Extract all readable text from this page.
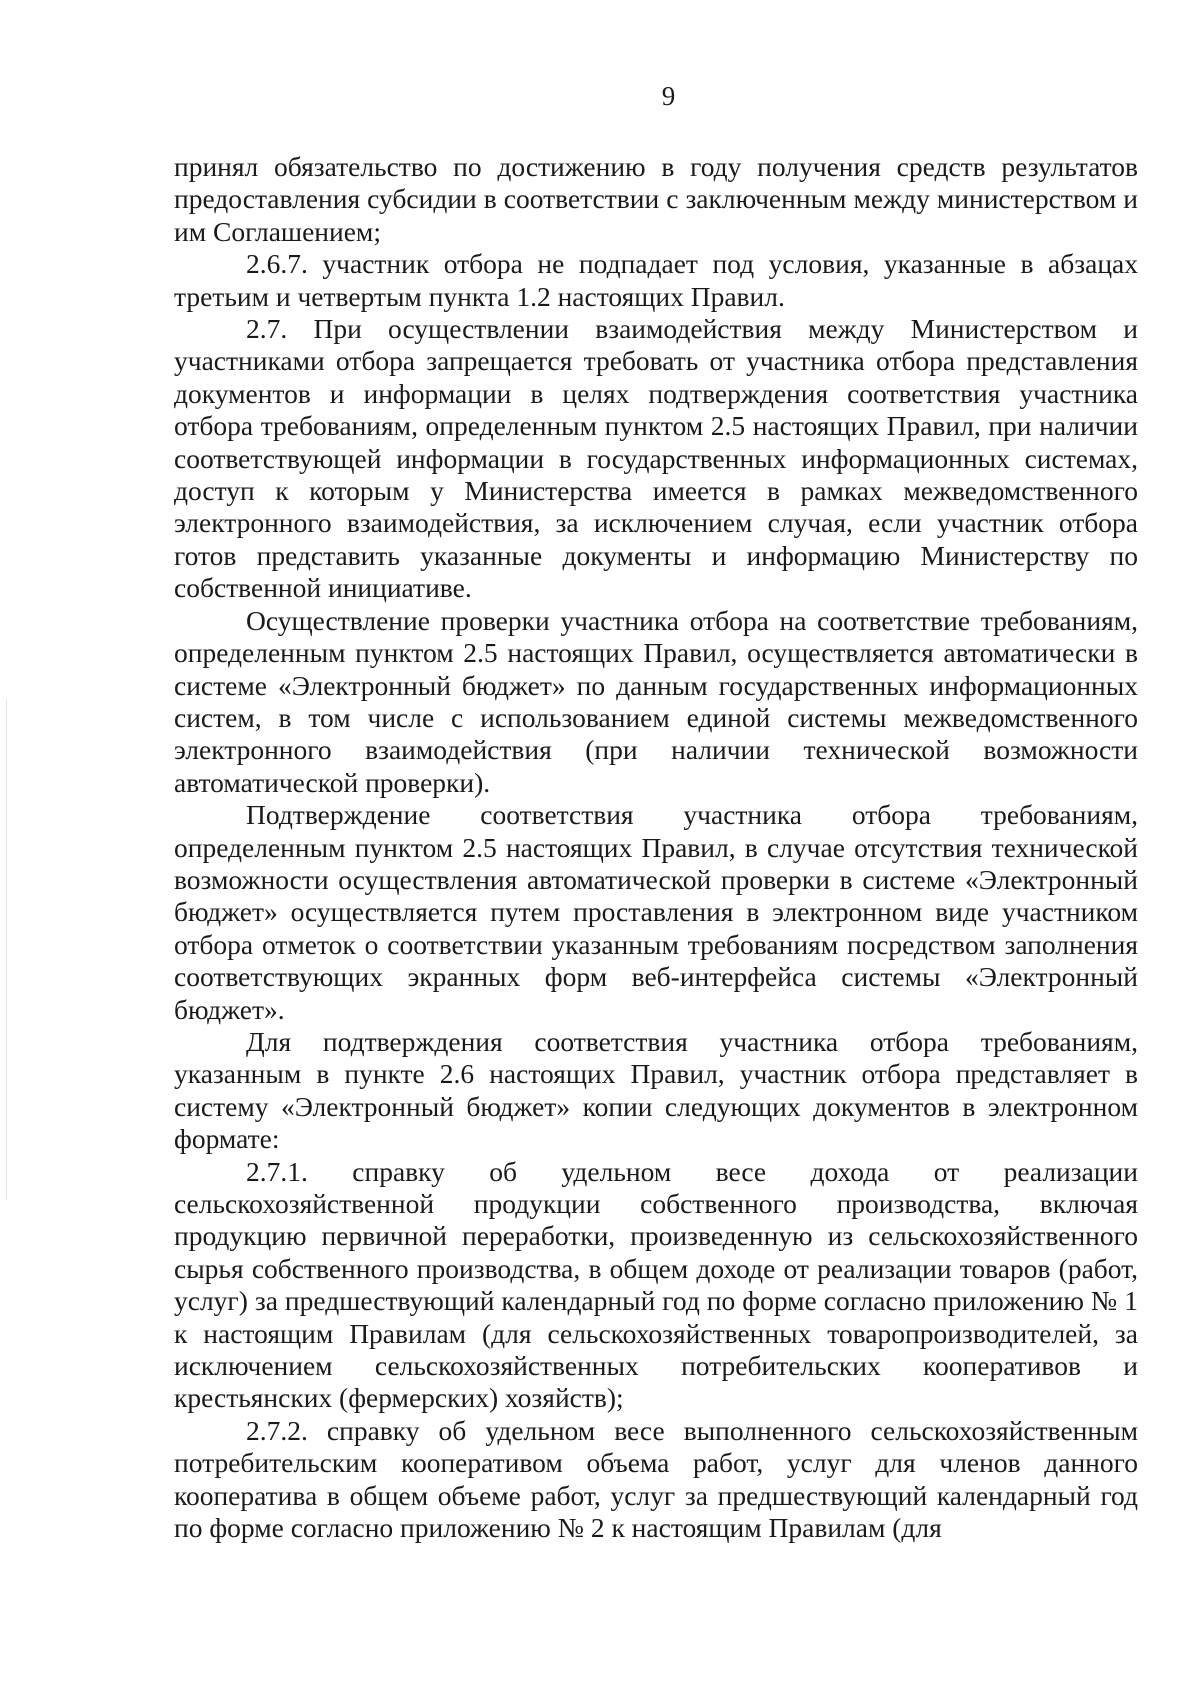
9

принял обязательство по достижению в году получения средств результатов предоставления субсидии в соответствии с заключенным между министерством и им Соглашением;

2.6.7. участник отбора не подпадает под условия, указанные в абзацах третьим и четвертым пункта 1.2 настоящих Правил.

2.7. При осуществлении взаимодействия между Министерством и участниками отбора запрещается требовать от участника отбора представления документов и информации в целях подтверждения соответствия участника отбора требованиям, определенным пунктом 2.5 настоящих Правил, при наличии соответствующей информации в государственных информационных системах, доступ к которым у Министерства имеется в рамках межведомственного электронного взаимодействия, за исключением случая, если участник отбора готов представить указанные документы и информацию Министерству по собственной инициативе.

Осуществление проверки участника отбора на соответствие требованиям, определенным пунктом 2.5 настоящих Правил, осуществляется автоматически в системе «Электронный бюджет» по данным государственных информационных систем, в том числе с использованием единой системы межведомственного электронного взаимодействия (при наличии технической возможности автоматической проверки).

Подтверждение соответствия участника отбора требованиям, определенным пунктом 2.5 настоящих Правил, в случае отсутствия технической возможности осуществления автоматической проверки в системе «Электронный бюджет» осуществляется путем проставления в электронном виде участником отбора отметок о соответствии указанным требованиям посредством заполнения соответствующих экранных форм веб-интерфейса системы «Электронный бюджет».

Для подтверждения соответствия участника отбора требованиям, указанным в пункте 2.6 настоящих Правил, участник отбора представляет в систему «Электронный бюджет» копии следующих документов в электронном формате:

2.7.1. справку об удельном весе дохода от реализации сельскохозяйственной продукции собственного производства, включая продукцию первичной переработки, произведенную из сельскохозяйственного сырья собственного производства, в общем доходе от реализации товаров (работ, услуг) за предшествующий календарный год по форме согласно приложению № 1 к настоящим Правилам (для сельскохозяйственных товаропроизводителей, за исключением сельскохозяйственных потребительских кооперативов и крестьянских (фермерских) хозяйств);

2.7.2. справку об удельном весе выполненного сельскохозяйственным потребительским кооперативом объема работ, услуг для членов данного кооператива в общем объеме работ, услуг за предшествующий календарный год по форме согласно приложению № 2 к настоящим Правилам (для
